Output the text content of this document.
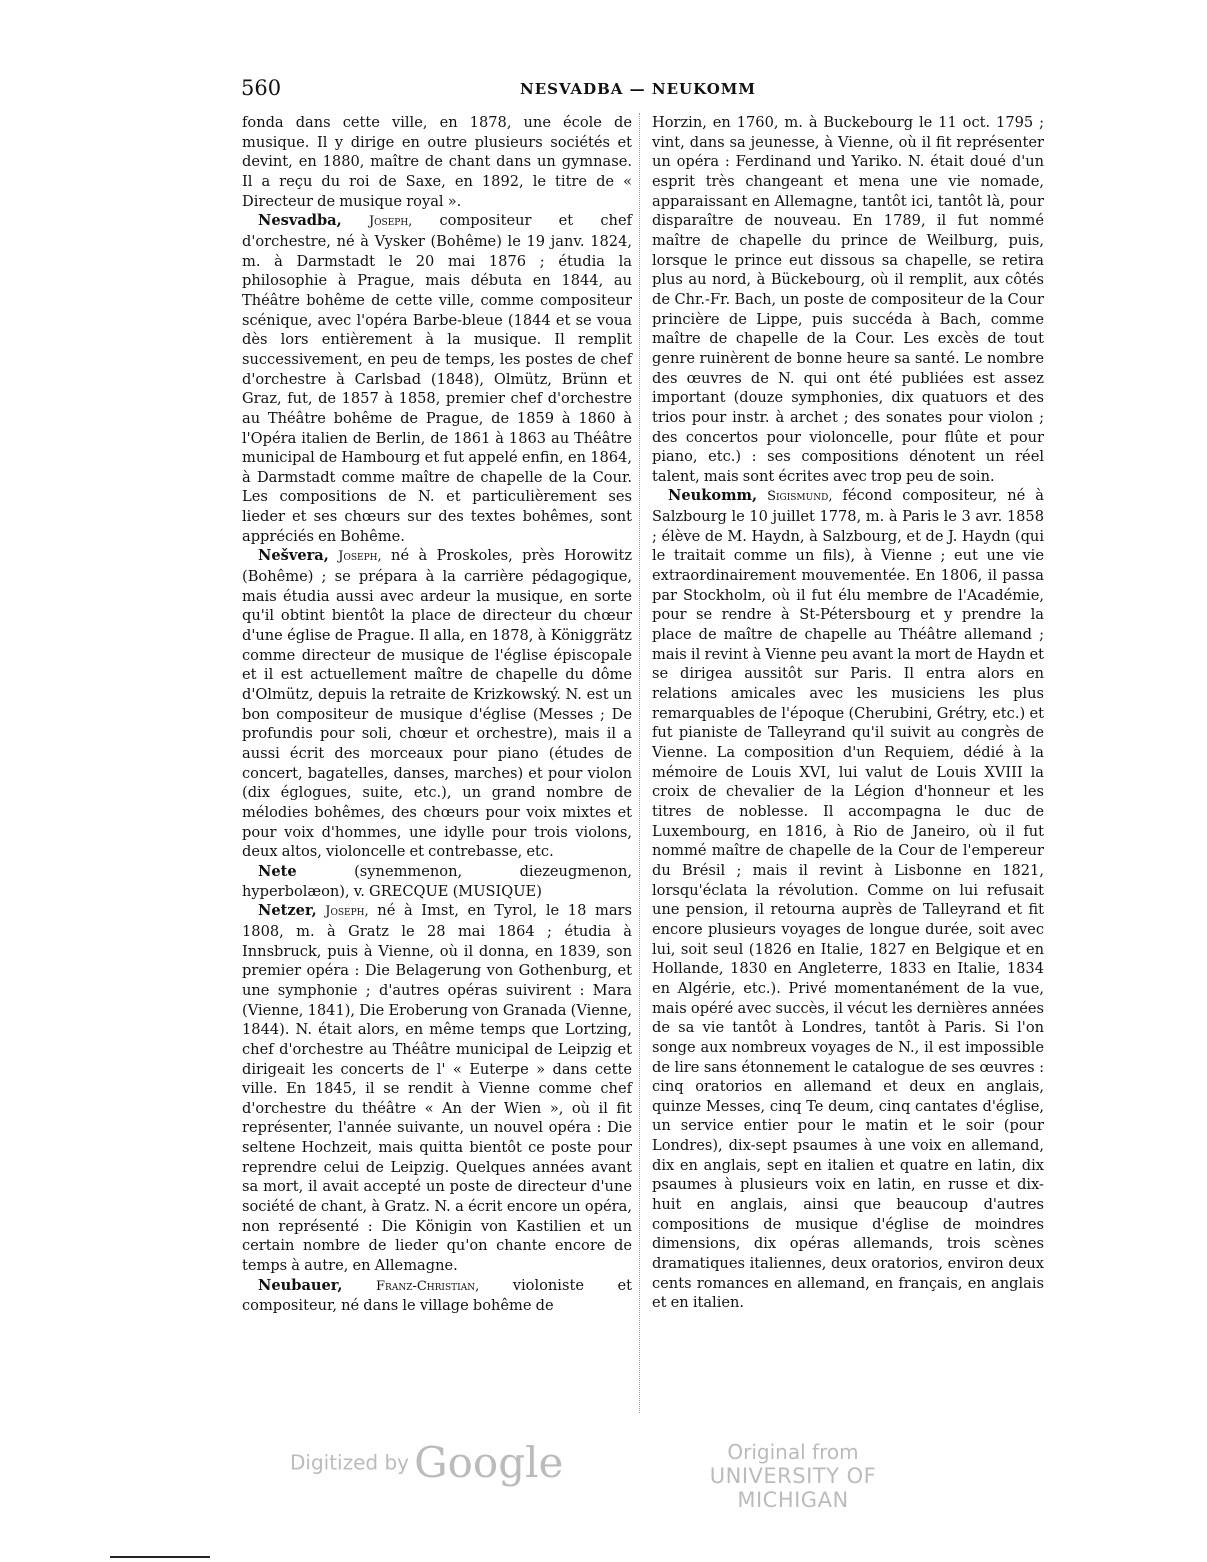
560	NESVADBA — NEUKOMM

fonda dans cette ville, en 1878, une école de musique. Il y dirige en outre plusieurs sociétés et devint, en 1880, maître de chant dans un gymnase. Il a reçu du roi de Saxe, en 1892, le titre de « Directeur de musique royal ».

Nesvadba, Joseph, compositeur et chef d'orchestre, né à Vysker (Bohême) le 19 janv. 1824, m. à Darmstadt le 20 mai 1876 ; étudia la philosophie à Prague, mais débuta en 1844, au Théâtre bohême de cette ville, comme compositeur scénique, avec l'opéra Barbe-bleue (1844 et se voua dès lors entièrement à la musique. Il remplit successivement, en peu de temps, les postes de chef d'orchestre à Carlsbad (1848), Olmütz, Brünn et Graz, fut, de 1857 à 1858, premier chef d'orchestre au Théâtre bohême de Prague, de 1859 à 1860 à l'Opéra italien de Berlin, de 1861 à 1863 au Théâtre municipal de Hambourg et fut appelé enfin, en 1864, à Darmstadt comme maître de chapelle de la Cour. Les compositions de N. et particulièrement ses lieder et ses chœurs sur des textes bohêmes, sont appréciés en Bohême.

Nešvera, Joseph, né à Proskoles, près Horowitz (Bohême) ; se prépara à la carrière pédagogique, mais étudia aussi avec ardeur la musique, en sorte qu'il obtint bientôt la place de directeur du chœur d'une église de Prague. Il alla, en 1878, à Königgrätz comme directeur de musique de l'église épiscopale et il est actuellement maître de chapelle du dôme d'Olmütz, depuis la retraite de Krizkowský. N. est un bon compositeur de musique d'église (Messes ; De profundis pour soli, chœur et orchestre), mais il a aussi écrit des morceaux pour piano (études de concert, bagatelles, danses, marches) et pour violon (dix églogues, suite, etc.), un grand nombre de mélodies bohêmes, des chœurs pour voix mixtes et pour voix d'hommes, une idylle pour trois violons, deux altos, violoncelle et contrebasse, etc.

Nete (synemmenon, diezeugmenon, hyperbolæon), v. GRECQUE (MUSIQUE)

Netzer, Joseph, né à Imst, en Tyrol, le 18 mars 1808, m. à Gratz le 28 mai 1864 ; étudia à Innsbruck, puis à Vienne, où il donna, en 1839, son premier opéra : Die Belagerung von Gothenburg, et une symphonie ; d'autres opéras suivirent : Mara (Vienne, 1841), Die Eroberung von Granada (Vienne, 1844). N. était alors, en même temps que Lortzing, chef d'orchestre au Théâtre municipal de Leipzig et dirigeait les concerts de l' « Euterpe » dans cette ville. En 1845, il se rendit à Vienne comme chef d'orchestre du théâtre « An der Wien », où il fit représenter, l'année suivante, un nouvel opéra : Die seltene Hochzeit, mais quitta bientôt ce poste pour reprendre celui de Leipzig. Quelques années avant sa mort, il avait accepté un poste de directeur d'une société de chant, à Gratz. N. a écrit encore un opéra, non représenté : Die Königin von Kastilien et un certain nombre de lieder qu'on chante encore de temps à autre, en Allemagne.

Neubauer,	Franz-Christian, violoniste et compositeur, né dans le village bohême de

Horzin, en 1760, m. à Buckebourg le 11 oct. 1795 ; vint, dans sa jeunesse, à Vienne, où il fit représenter un opéra : Ferdinand und Yariko. N. était doué d'un esprit très changeant et mena une vie nomade, apparaissant en Allemagne, tantôt ici, tantôt là, pour disparaître de nouveau. En 1789, il fut nommé maître de chapelle du prince de Weilburg, puis, lorsque le prince eut dissous sa chapelle, se retira plus au nord, à Bückebourg, où il remplit, aux côtés de Chr.-Fr. Bach, un poste de compositeur de la Cour princière de Lippe, puis succéda à Bach, comme maître de chapelle de la Cour. Les excès de tout genre ruinèrent de bonne heure sa santé. Le nombre des œuvres de N. qui ont été publiées est assez important (douze symphonies, dix quatuors et des trios pour instr. à archet ; des sonates pour violon ; des concertos pour violoncelle, pour flûte et pour piano, etc.) : ses compositions dénotent un réel talent, mais sont écrites avec trop peu de soin.

Neukomm, Sigismund, fécond compositeur, né à Salzbourg le 10 juillet 1778, m. à Paris le 3 avr. 1858 ; élève de M. Haydn, à Salzbourg, et de J. Haydn (qui le traitait comme un fils), à Vienne ; eut une vie extraordinairement mouvementée. En 1806, il passa par Stockholm, où il fut élu membre de l'Académie, pour se rendre à St-Pétersbourg et y prendre la place de maître de chapelle au Théâtre allemand ; mais il revint à Vienne peu avant la mort de Haydn et se dirigea aussitôt sur Paris. Il entra alors en relations amicales avec les musiciens les plus remarquables de l'époque (Cherubini, Grétry, etc.) et fut pianiste de Talleyrand qu'il suivit au congrès de Vienne. La composition d'un Requiem, dédié à la mémoire de Louis XVI, lui valut de Louis XVIII la croix de chevalier de la Légion d'honneur et les titres de noblesse. Il accompagna le duc de Luxembourg, en 1816, à Rio de Janeiro, où il fut nommé maître de chapelle de la Cour de l'empereur du Brésil ; mais il revint à Lisbonne en 1821, lorsqu'éclata la révolution. Comme on lui refusait une pension, il retourna auprès de Talleyrand et fit encore plusieurs voyages de longue durée, soit avec lui, soit seul (1826 en Italie, 1827 en Belgique et en Hollande, 1830 en Angleterre, 1833 en Italie, 1834 en Algérie, etc.). Privé momentanément de la vue, mais opéré avec succès, il vécut les dernières années de sa vie tantôt à Londres, tantôt à Paris. Si l'on songe aux nombreux voyages de N., il est impossible de lire sans étonnement le catalogue de ses œuvres : cinq oratorios en allemand et deux en anglais, quinze Messes, cinq Te deum, cinq cantates d'église, un service entier pour le matin et le soir (pour Londres), dix-sept psaumes à une voix en allemand, dix en anglais, sept en italien et quatre en latin, dix psaumes à plusieurs voix en latin, en russe et dix-huit en anglais, ainsi que beaucoup d'autres compositions de musique d'église de moindres dimensions, dix opéras allemands, trois scènes dramatiques italiennes, deux oratorios, environ deux cents romances en allemand, en français, en anglais et en italien.

Digitized by Google	Original from
UNIVERSITY OF MICHIGAN
